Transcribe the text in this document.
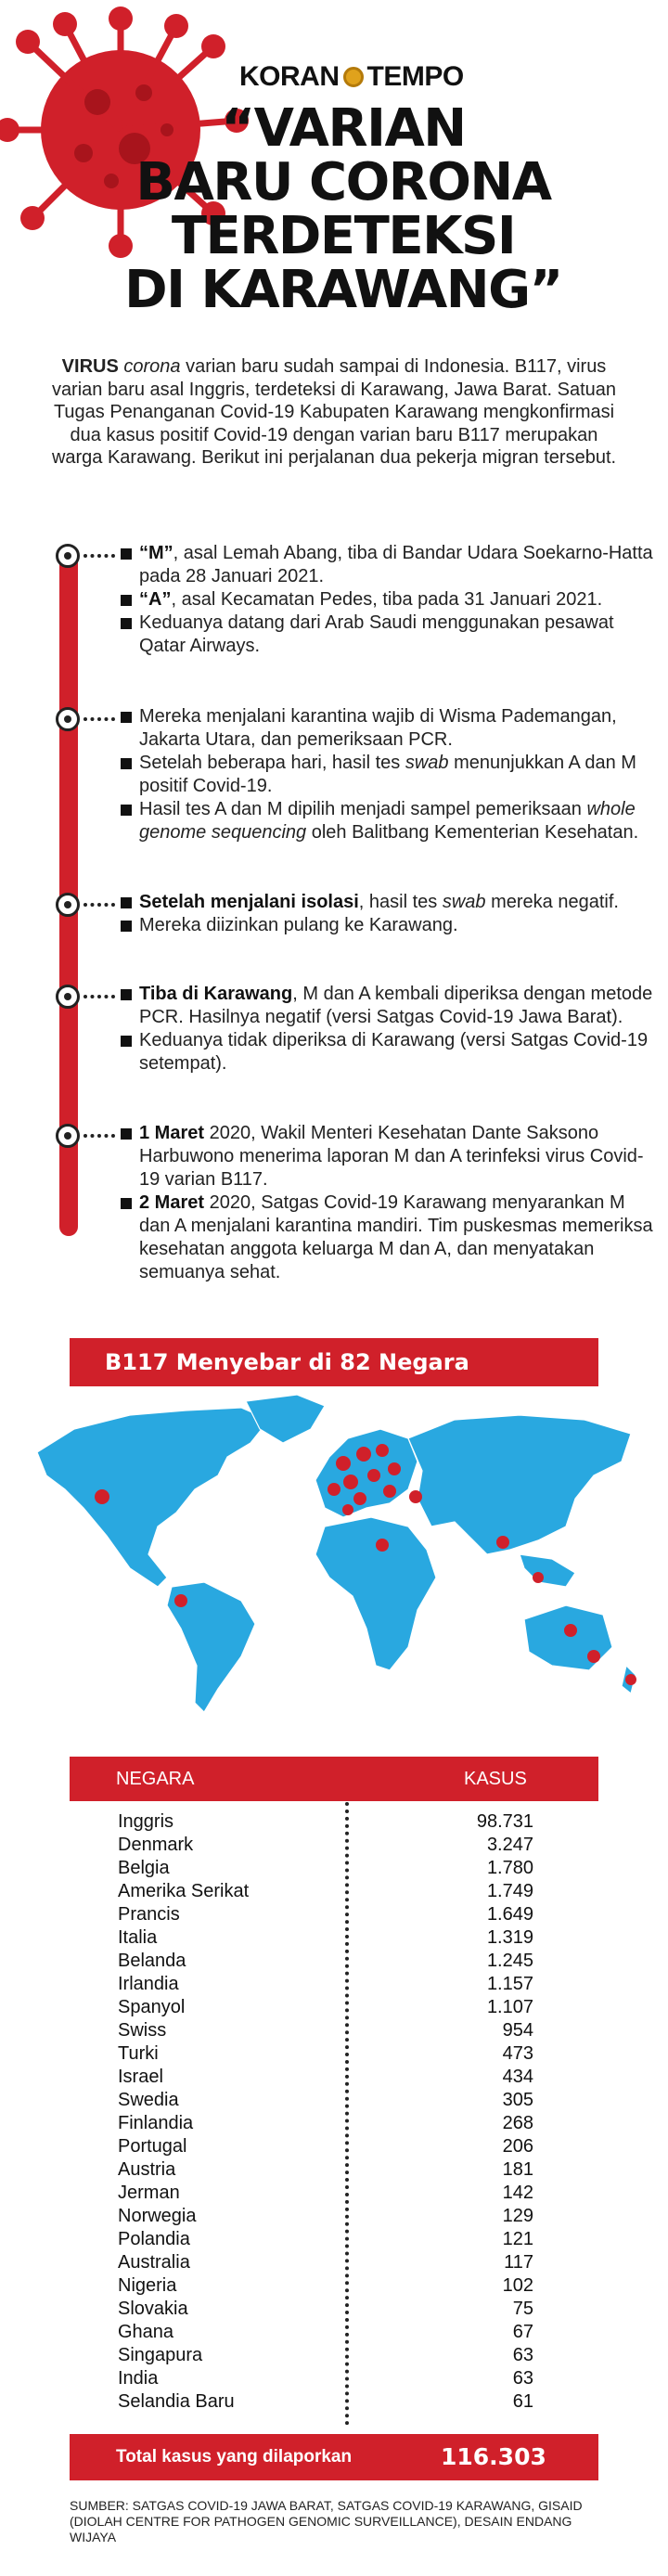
KORAN TEMPO
“VARIAN
BARU CORONA
TERDETEKSI
DI KARAWANG”

VIRUS corona varian baru sudah sampai di Indonesia. B117, virus varian baru asal Inggris, terdeteksi di Karawang, Jawa Barat. Satuan Tugas Penanganan Covid-19 Kabupaten Karawang mengkonfirmasi dua kasus positif Covid-19 dengan varian baru B117 merupakan warga Karawang. Berikut ini perjalanan dua pekerja migran tersebut.

“M”, asal Lemah Abang, tiba di Bandar Udara Soekarno-Hatta pada 28 Januari 2021.
“A”, asal Kecamatan Pedes, tiba pada 31 Januari 2021.
Keduanya datang dari Arab Saudi menggunakan pesawat Qatar Airways.
Mereka menjalani karantina wajib di Wisma Pademangan, Jakarta Utara, dan pemeriksaan PCR.
Setelah beberapa hari, hasil tes swab menunjukkan A dan M positif Covid-19.
Hasil tes A dan M dipilih menjadi sampel pemeriksaan whole genome sequencing oleh Balitbang Kementerian Kesehatan.
Setelah menjalani isolasi, hasil tes swab mereka negatif.
Mereka diizinkan pulang ke Karawang.
Tiba di Karawang, M dan A kembali diperiksa dengan metode PCR. Hasilnya negatif (versi Satgas Covid-19 Jawa Barat).
Keduanya tidak diperiksa di Karawang (versi Satgas Covid-19 setempat).
1 Maret 2020, Wakil Menteri Kesehatan Dante Saksono Harbuwono menerima laporan M dan A terinfeksi virus Covid-19 varian B117.
2 Maret 2020, Satgas Covid-19 Karawang menyarankan M dan A menjalani karantina mandiri. Tim puskesmas memeriksa kesehatan anggota keluarga M dan A, dan menyatakan semuanya sehat.
B117 Menyebar di 82 Negara
NEGARA	KASUS
Inggris	98.731
Denmark	3.247
Belgia	1.780
Amerika Serikat	1.749
Prancis	1.649
Italia	1.319
Belanda	1.245
Irlandia	1.157
Spanyol	1.107
Swiss	954
Turki	473
Israel	434
Swedia	305
Finlandia	268
Portugal	206
Austria	181
Jerman	142
Norwegia	129
Polandia	121
Australia	117
Nigeria	102
Slovakia	75
Ghana	67
Singapura	63
India	63
Selandia Baru	61
Total kasus yang dilaporkan	116.303

SUMBER: SATGAS COVID-19 JAWA BARAT, SATGAS COVID-19 KARAWANG, GISAID (DIOLAH CENTRE FOR PATHOGEN GENOMIC SURVEILLANCE), DESAIN ENDANG WIJAYA
